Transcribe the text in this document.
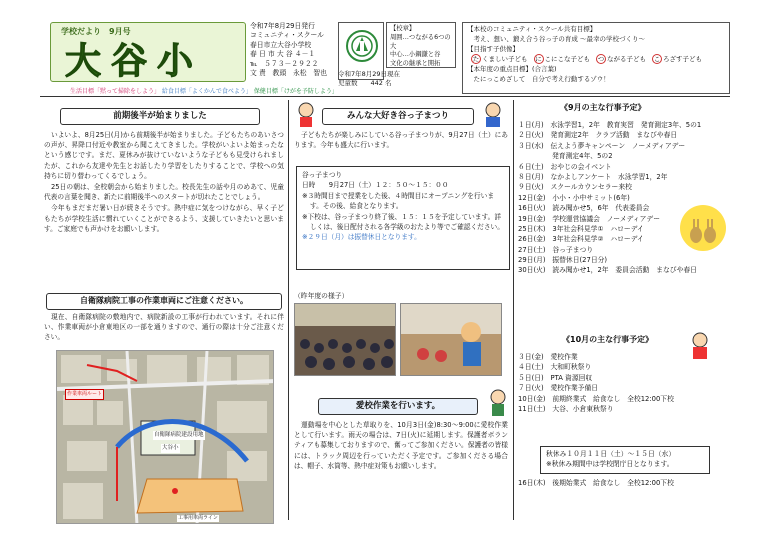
学校だより　9月号
大谷小
生活目標「黙って掃除をしよう」 給食目標「よくかんで食べよう」 保健目標「けがを予防しよう」
令和7年8月29日発行
コミュニティ・スクール
春日市立大谷小学校
春 日 市 大 谷 ４－１
℡　５７３－２９２２
文 責　教頭　永松　智也
【校章】
周囲…つながる6つの大
中心…小鋼鎌と谷
文化の継承と開拓
令和7年8月29日現在
児童数　　442 名
【本校のコミュニティ・スクール共有目標】
　考え、想い、鍛え合う谷っ子の育成 〜最幸の学校づくり〜
【目指す子供像】
た くましい子ども に こにこな子ども つ ながる子ども こ ろざす子ども
【本年度の重点目標】(合言葉)
　たにっこめざして　自分で考え行動するゾウ！
前期後半が始まりました

いよいよ、8月25日(月)から前期後半が始まりました。子どもたちのあいさつの声が、昇降口付近や教室から聞こえてきました。学校がいよいよ始まったなという感じです。まだ、夏休みが抜けていないような子どもも見受けられましたが、これから友達や先生とお話したり学習をしたりすることで、学校への気持ちに切り替わってくるでしょう。

25日の朝は、全校朝会から始まりました。校長先生の話や月のめあて、児童代表の言葉を聞き、新たに前期後半へのスタートが切れたことでしょう。

今年もまだまだ暑い日が続きそうです。熱中症に気をつけながら、早く子どもたちが学校生活に慣れていくことができるよう、支援していきたいと思います。ご家庭でも声かけをお願いします。

自衛隊病院工事の作業車両にご注意ください。

現在、自衛隊病院の敷地内で、病院新設の工事が行われています。それに伴い、作業車両が小倉東地区の一部を通りますので、通行の際は十分ご注意ください。

自衛隊病院建設用地
大谷小
作業車両ルート
工事用車両ライン
みんな大好き谷っ子まつり

子どもたちが楽しみにしている谷っ子まつりが、9月27日（土）にあります。今年も盛大に行います。

谷っ子まつり
日時　　9月27日（土）１２：５０～１５：００
※３時間目まで授業をした後、４時間目にオープニングを行います。その後、給食となります。
※下校は、谷っ子まつり終了後、１５：１５を予定しています。詳しくは、後日配付される各学級のおたより等でご確認ください。
※２９日（月）は振替休日となります。
（昨年度の様子）
愛校作業を行います。

運動場を中心とした草取りを、10月3日(金)8:30～9:00に愛校作業として行います。雨天の場合は、7日(火)に延期します。保護者ボランティアも募集しておりますので、奮ってご参加ください。保護者の皆様には、トラック周辺を行っていただく予定です。ご参加くださる場合は、帽子、水筒等、熱中症対策もお願いします。

《9月の主な行事予定》
１日(月)　水泳学習1，2年　教育実習　発育測定3年、5の1
２日(火)　発育測定2年　クラブ活動　まなびや春日
３日(水)　伝えよう夢キャンペーン　ノーメディアデー
　　　　　発育測定4年、5の2
６日(土)　おやじの会イベント
８日(月)　なかよしアンケート　水泳学習1，2年
９日(火)　スクールカウンセラー来校
12日(金)　小小・小中サミット(6年)
16日(火)　読み聞かせ5，6年　代表委員会
19日(金)　学校運営協議会　ノーメディアデー
25日(木)　3年社会科見学①　ハローデイ
26日(金)　3年社会科見学②　ハローデイ
27日(土)　谷っ子まつり
29日(月)　振替休日(27日分)
30日(火)　読み聞かせ1，2年　委員会活動　まなびや春日
《10月の主な行事予定》
３日(金)　愛校作業
４日(土)　大和町秋祭り
５日(日)　PTA 資源回収
７日(火)　愛校作業予備日
10日(金)　前期終業式　給食なし　全校12:00下校
11日(土)　大谷、小倉東秋祭り
秋休み１０月１１日（土）～１５日（水）
※秋休み期間中は学校閉庁日となります。
16日(木)　後期始業式　給食なし　全校12:00下校
